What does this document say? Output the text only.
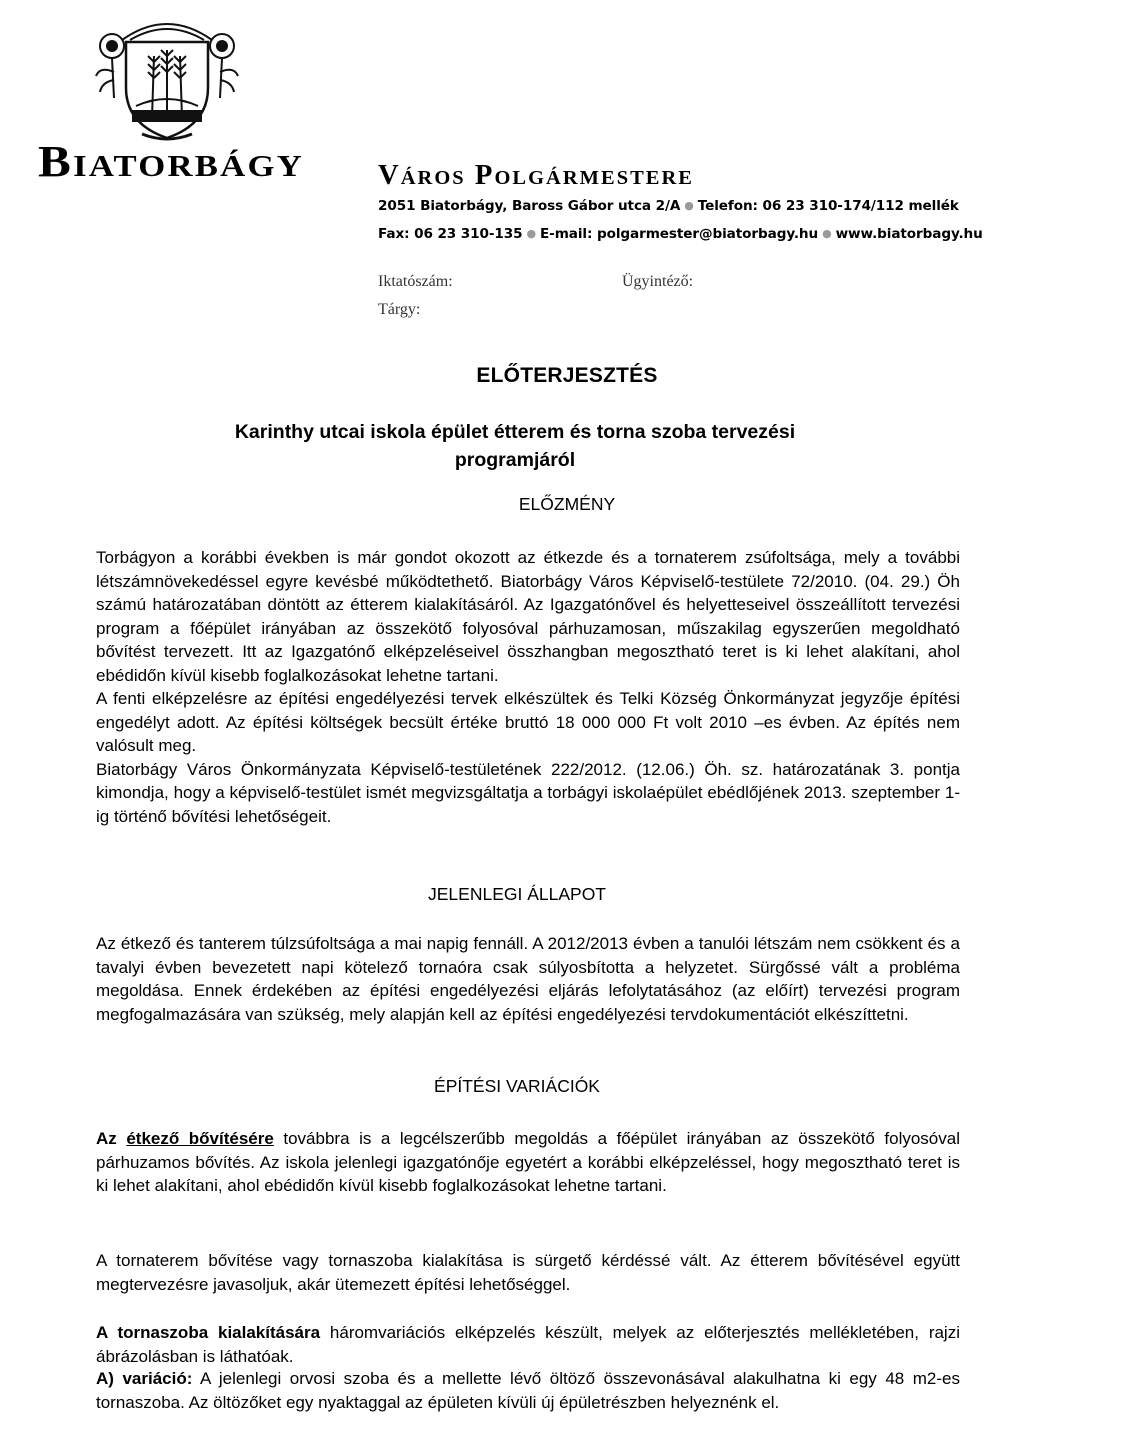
Biatorbágy	Város Polgármestere
2051 Biatorbágy, Baross Gábor utca 2/A ● Telefon: 06 23 310-174/112 mellék
Fax: 06 23 310-135 ● E-mail: polgarmester@biatorbagy.hu ● www.biatorbagy.hu
Iktatószám:	Ügyintéző:
Tárgy:
ELŐTERJESZTÉS
Karinthy utcai iskola épület étterem és torna szoba tervezési programjáról
ELŐZMÉNY
Torbágyon a korábbi években is már gondot okozott az étkezde és a tornaterem zsúfoltsága, mely a további létszámnövekedéssel egyre kevésbé működtethető. Biatorbágy Város Képviselő-testülete 72/2010. (04. 29.) Öh számú határozatában döntött az étterem kialakításáról. Az Igazgatónővel és helyetteseivel összeállított tervezési program a főépület irányában az összekötő folyosóval párhuzamosan, műszakilag egyszerűen megoldható bővítést tervezett. Itt az Igazgatónő elképzeléseivel összhangban megosztható teret is ki lehet alakítani, ahol ebédidőn kívül kisebb foglalkozásokat lehetne tartani.
A fenti elképzelésre az építési engedélyezési tervek elkészültek és Telki Község Önkormányzat jegyzője építési engedélyt adott. Az építési költségek becsült értéke bruttó 18 000 000 Ft volt 2010 –es évben. Az építés nem valósult meg.
Biatorbágy Város Önkormányzata Képviselő-testületének 222/2012. (12.06.) Öh. sz. határozatának 3. pontja kimondja, hogy a képviselő-testület ismét megvizsgáltatja a torbágyi iskolaépület ebédlőjének 2013. szeptember 1-ig történő bővítési lehetőségeit.
JELENLEGI ÁLLAPOT
Az étkező és tanterem túlzsúfoltsága a mai napig fennáll. A 2012/2013 évben a tanulói létszám nem csökkent és a tavalyi évben bevezetett napi kötelező tornaóra csak súlyosbította a helyzetet. Sürgőssé vált a probléma megoldása. Ennek érdekében az építési engedélyezési eljárás lefolytatásához (az előírt) tervezési program megfogalmazására van szükség, mely alapján kell az építési engedélyezési tervdokumentációt elkészíttetni.
ÉPÍTÉSI VARIÁCIÓK
Az étkező bővítésére továbbra is a legcélszerűbb megoldás a főépület irányában az összekötő folyosóval párhuzamos bővítés. Az iskola jelenlegi igazgatónője egyetért a korábbi elképzeléssel, hogy megosztható teret is ki lehet alakítani, ahol ebédidőn kívül kisebb foglalkozásokat lehetne tartani.
A tornaterem bővítése vagy tornaszoba kialakítása is sürgető kérdéssé vált. Az étterem bővítésével együtt megtervezésre javasoljuk, akár ütemezett építési lehetőséggel.
A tornaszoba kialakítására háromvariációs elképzelés készült, melyek az előterjesztés mellékletében, rajzi ábrázolásban is láthatóak.
A) variáció: A jelenlegi orvosi szoba és a mellette lévő öltöző összevonásával alakulhatna ki egy 48 m2-es tornaszoba. Az öltözőket egy nyaktaggal az épületen kívüli új épületrészben helyeznénk el.
